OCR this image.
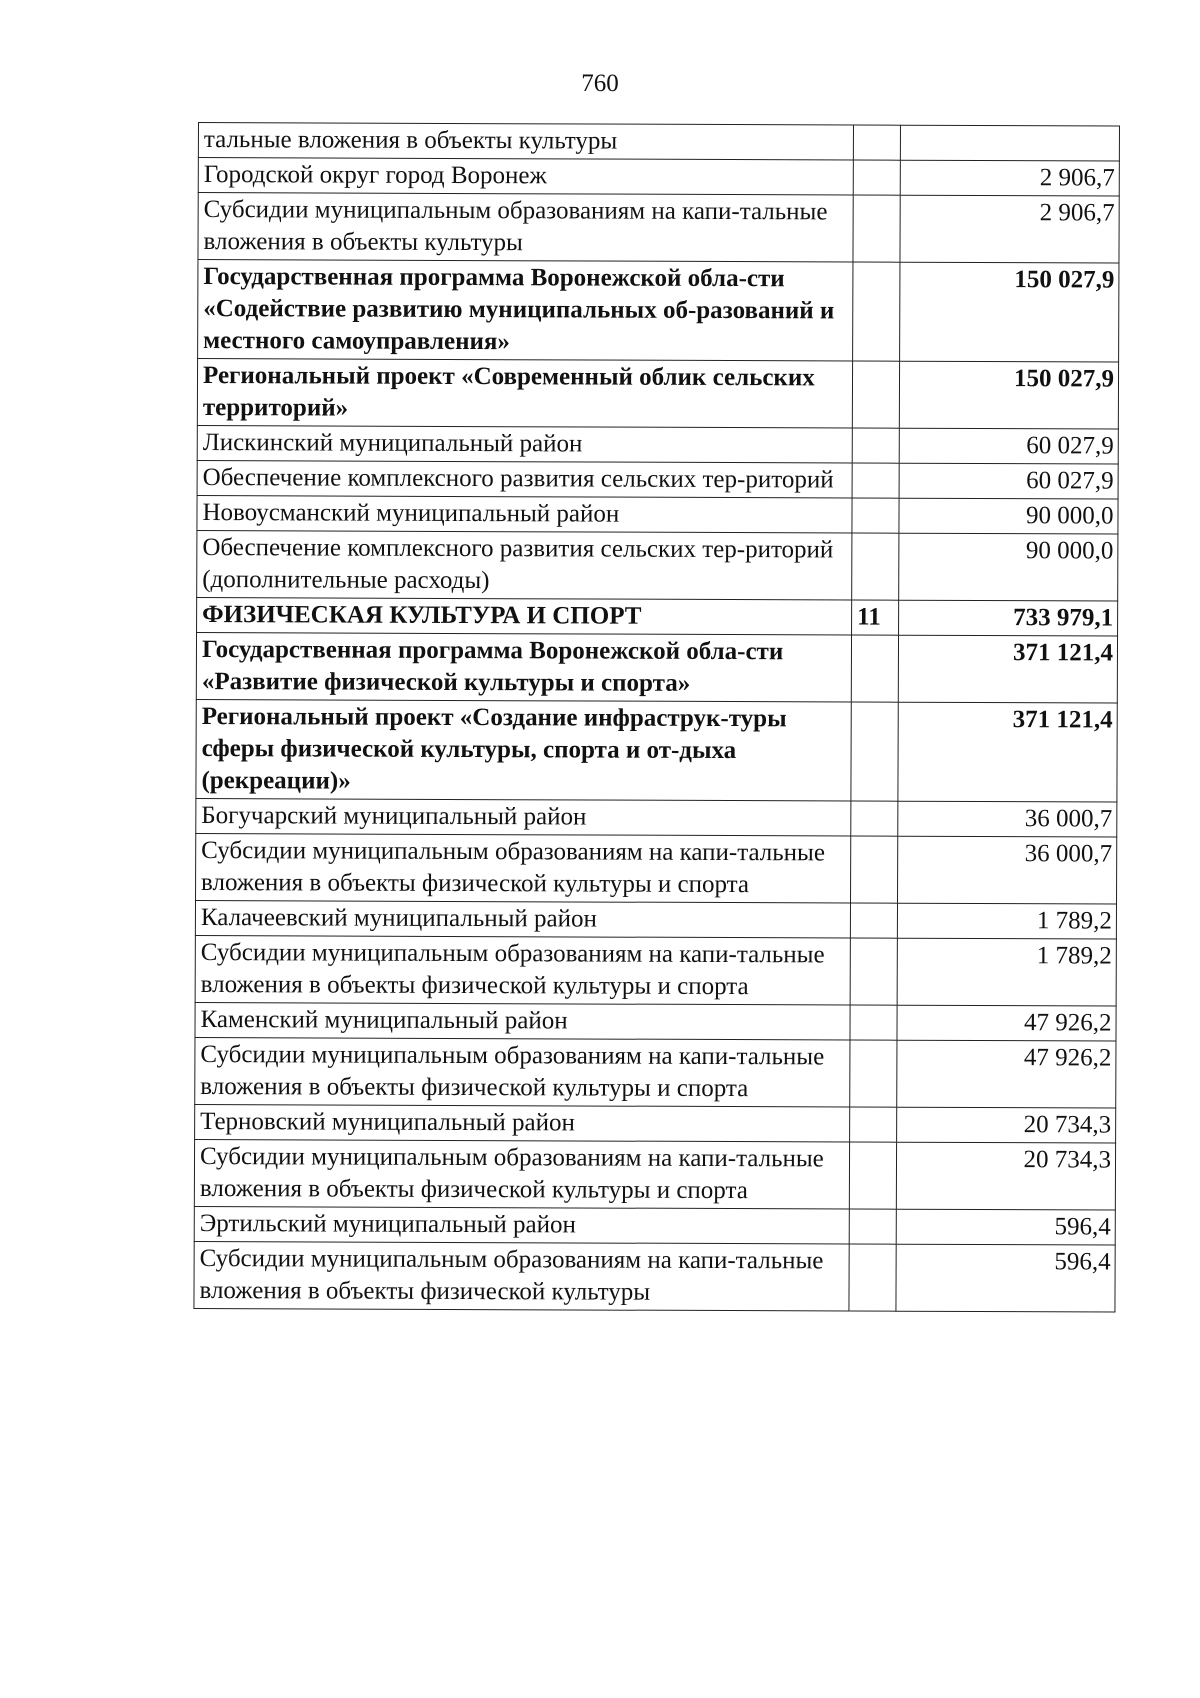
760
тальные вложения в объекты культуры		
Городской округ город Воронеж		2 906,7
Субсидии муниципальным образованиям на капи-тальные вложения в объекты культуры		2 906,7
Государственная программа Воронежской обла-сти «Содействие развитию муниципальных об-разований и местного самоуправления»		150 027,9
Региональный проект «Современный облик сельских территорий»		150 027,9
Лискинский муниципальный район		60 027,9
Обеспечение комплексного развития сельских тер-риторий		60 027,9
Новоусманский муниципальный район		90 000,0
Обеспечение комплексного развития сельских тер-риторий (дополнительные расходы)		90 000,0
ФИЗИЧЕСКАЯ КУЛЬТУРА И СПОРТ	11	733 979,1
Государственная программа Воронежской обла-сти «Развитие физической культуры и спорта»		371 121,4
Региональный проект «Создание инфраструк-туры сферы физической культуры, спорта и от-дыха (рекреации)»		371 121,4
Богучарский муниципальный район		36 000,7
Субсидии муниципальным образованиям на капи-тальные вложения в объекты физической культуры и спорта		36 000,7
Калачеевский муниципальный район		1 789,2
Субсидии муниципальным образованиям на капи-тальные вложения в объекты физической культуры и спорта		1 789,2
Каменский муниципальный район		47 926,2
Субсидии муниципальным образованиям на капи-тальные вложения в объекты физической культуры и спорта		47 926,2
Терновский муниципальный район		20 734,3
Субсидии муниципальным образованиям на капи-тальные вложения в объекты физической культуры и спорта		20 734,3
Эртильский муниципальный район		596,4
Субсидии муниципальным образованиям на капи-тальные вложения в объекты физической культуры		596,4
